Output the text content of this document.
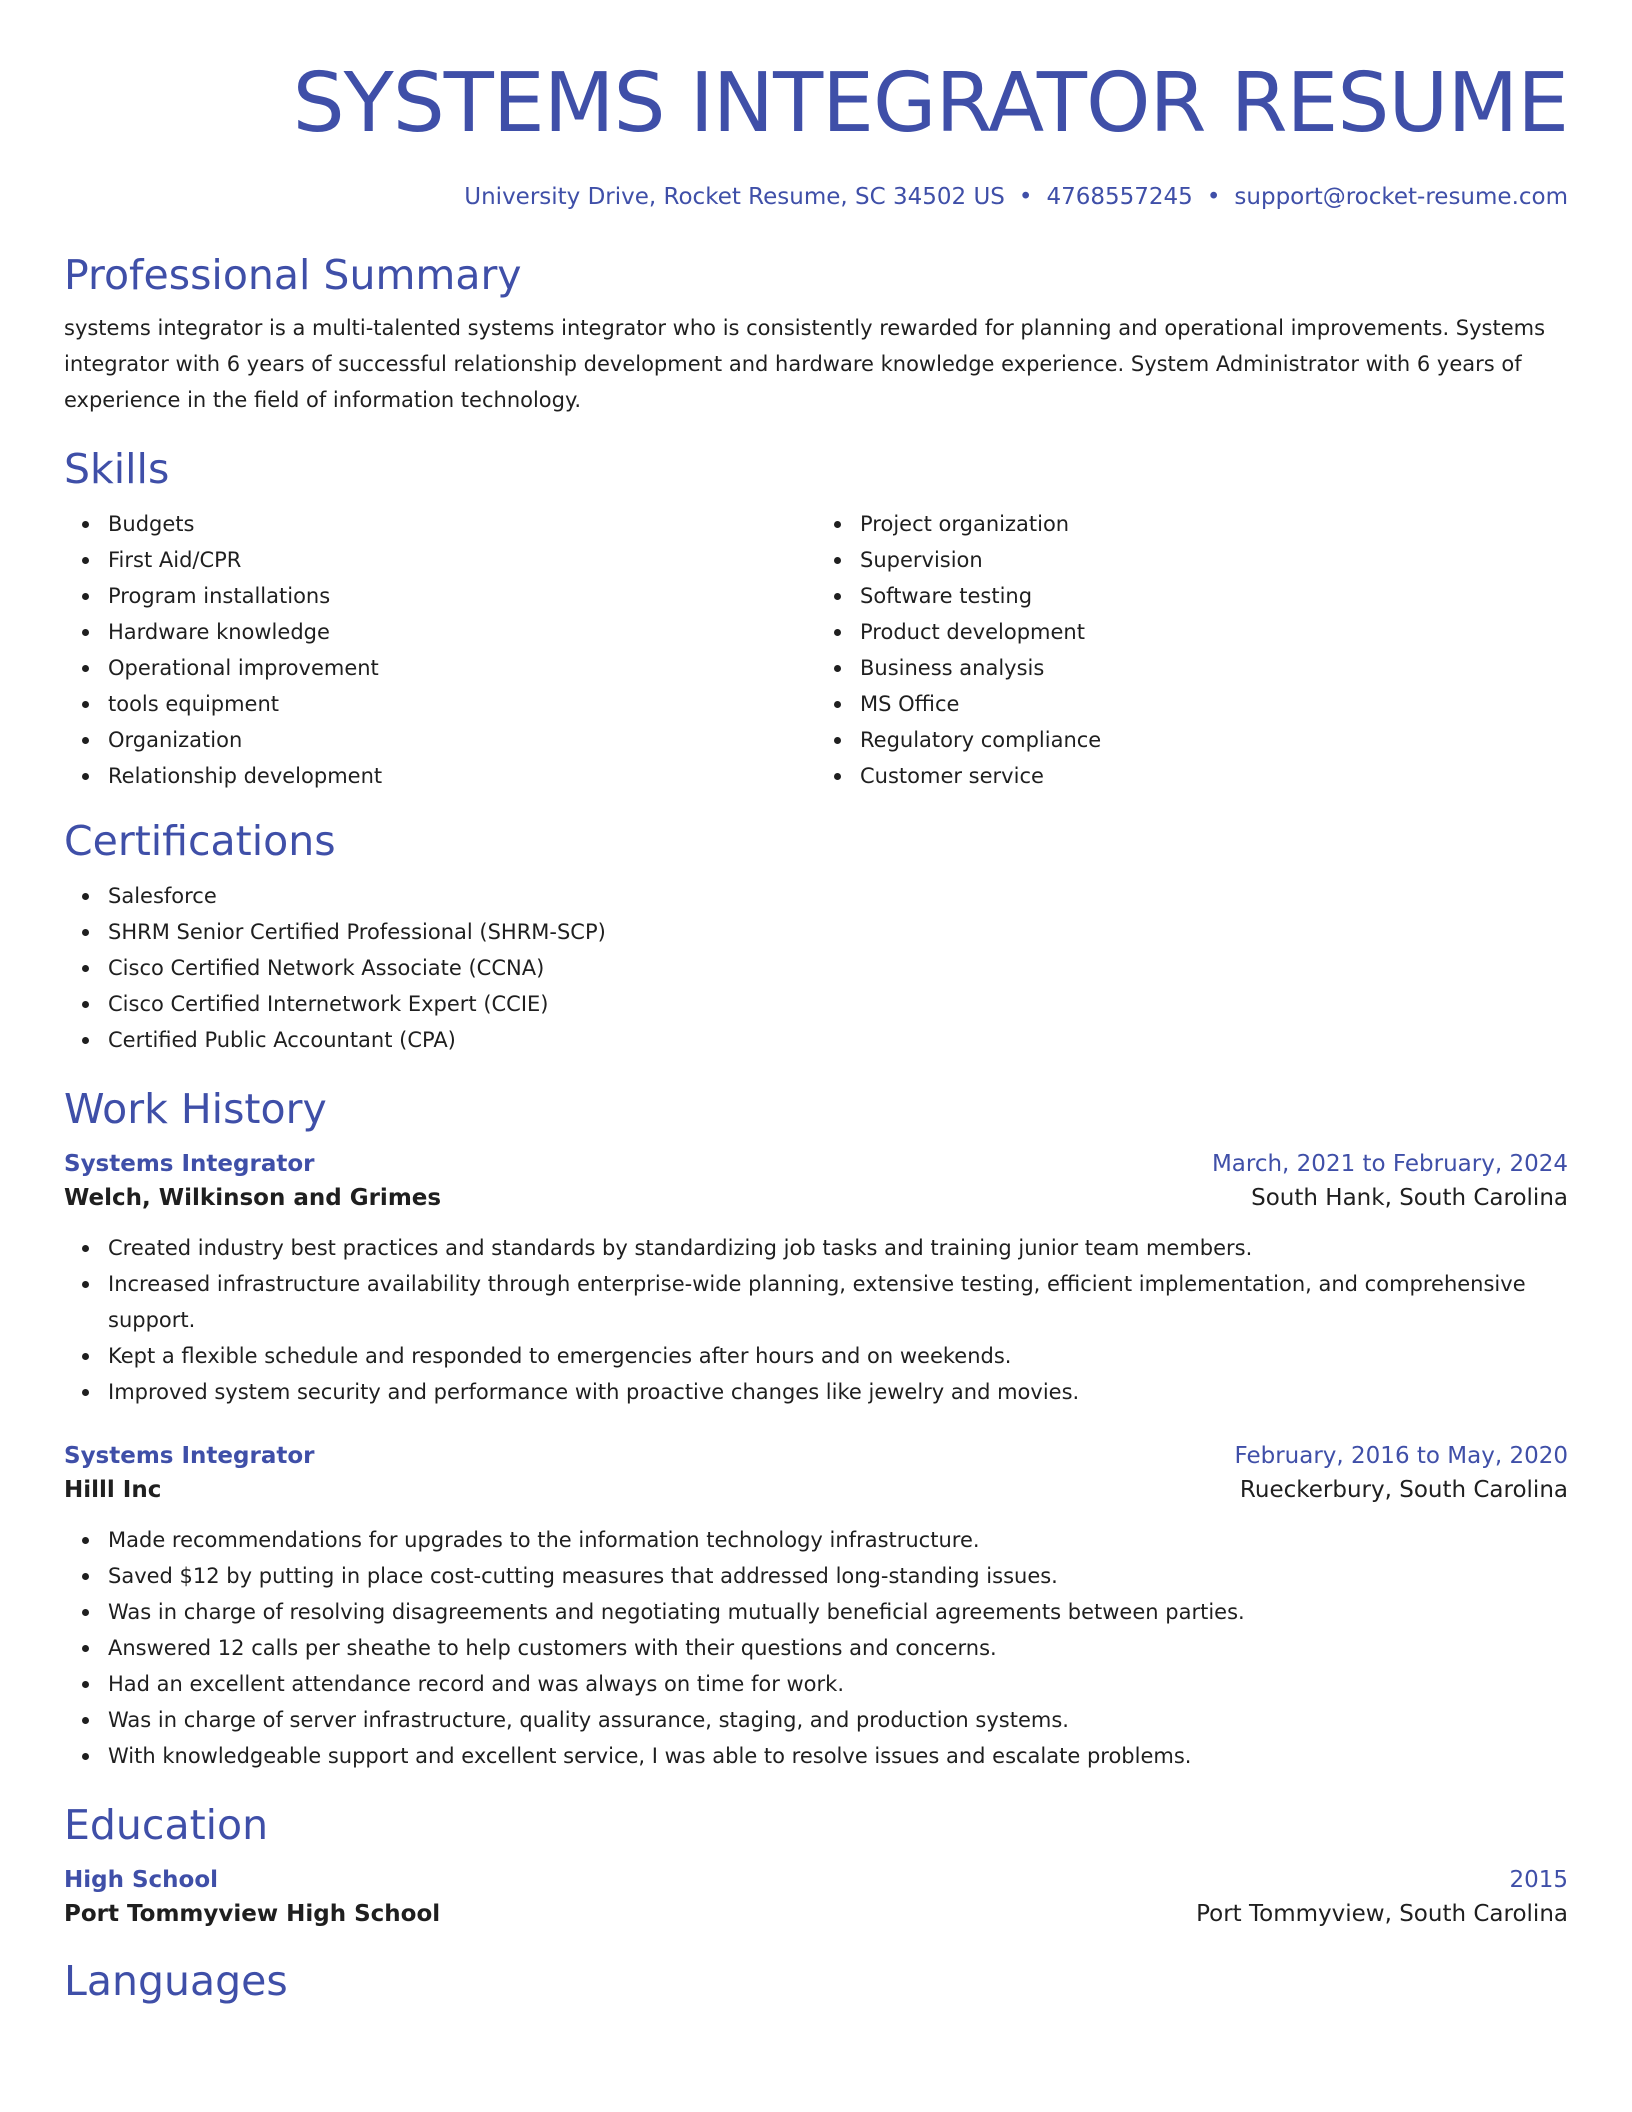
SYSTEMS INTEGRATOR RESUME
University Drive, Rocket Resume, SC 34502 US • 4768557245 • support@rocket-resume.com
Professional Summary

systems integrator is a multi-talented systems integrator who is consistently rewarded for planning and operational improvements. Systems integrator with 6 years of successful relationship development and hardware knowledge experience. System Administrator with 6 years of experience in the field of information technology.

Skills
Budgets
First Aid/CPR
Program installations
Hardware knowledge
Operational improvement
tools equipment
Organization
Relationship development
Project organization
Supervision
Software testing
Product development
Business analysis
MS Office
Regulatory compliance
Customer service
Certifications
Salesforce
SHRM Senior Certified Professional (SHRM-SCP)
Cisco Certified Network Associate (CCNA)
Cisco Certified Internetwork Expert (CCIE)
Certified Public Accountant (CPA)
Work History
Systems Integrator	March, 2021 to February, 2024
Welch, Wilkinson and Grimes	South Hank, South Carolina
Created industry best practices and standards by standardizing job tasks and training junior team members.
Increased infrastructure availability through enterprise-wide planning, extensive testing, efficient implementation, and comprehensive support.
Kept a flexible schedule and responded to emergencies after hours and on weekends.
Improved system security and performance with proactive changes like jewelry and movies.
Systems Integrator	February, 2016 to May, 2020
Hilll Inc	Rueckerbury, South Carolina
Made recommendations for upgrades to the information technology infrastructure.
Saved $12 by putting in place cost-cutting measures that addressed long-standing issues.
Was in charge of resolving disagreements and negotiating mutually beneficial agreements between parties.
Answered 12 calls per sheathe to help customers with their questions and concerns.
Had an excellent attendance record and was always on time for work.
Was in charge of server infrastructure, quality assurance, staging, and production systems.
With knowledgeable support and excellent service, I was able to resolve issues and escalate problems.
Education
High School	2015
Port Tommyview High School	Port Tommyview, South Carolina
Languages
